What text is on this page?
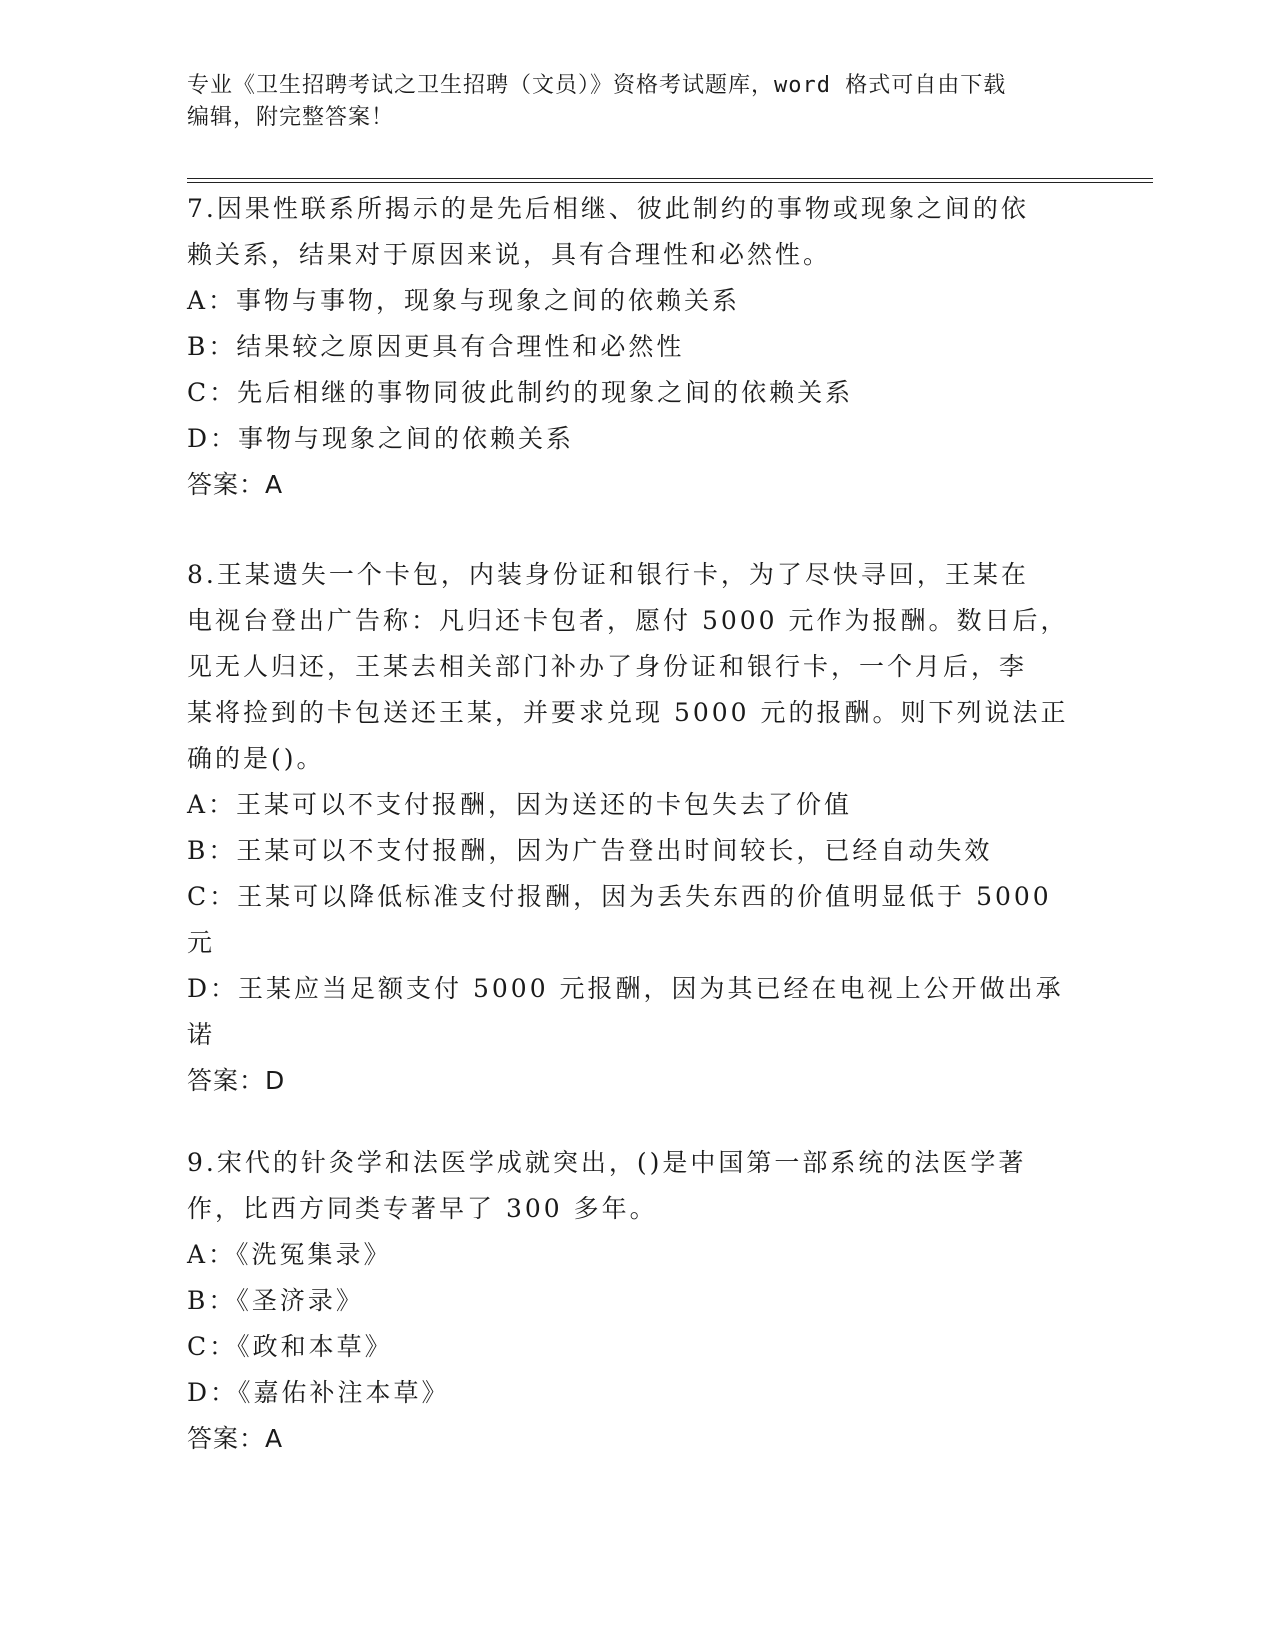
专业《卫生招聘考试之卫生招聘（文员）》资格考试题库，word 格式可自由下载
编辑，附完整答案！
7.因果性联系所揭示的是先后相继、彼此制约的事物或现象之间的依
赖关系，结果对于原因来说，具有合理性和必然性。
A：事物与事物，现象与现象之间的依赖关系
B：结果较之原因更具有合理性和必然性
C：先后相继的事物同彼此制约的现象之间的依赖关系
D：事物与现象之间的依赖关系
答案：A
8.王某遗失一个卡包，内装身份证和银行卡，为了尽快寻回，王某在
电视台登出广告称：凡归还卡包者，愿付 5000 元作为报酬。数日后，
见无人归还，王某去相关部门补办了身份证和银行卡，一个月后，李
某将捡到的卡包送还王某，并要求兑现 5000 元的报酬。则下列说法正
确的是()。
A：王某可以不支付报酬，因为送还的卡包失去了价值
B：王某可以不支付报酬，因为广告登出时间较长，已经自动失效
C：王某可以降低标准支付报酬，因为丢失东西的价值明显低于 5000
元
D：王某应当足额支付 5000 元报酬，因为其已经在电视上公开做出承
诺
答案：D
9.宋代的针灸学和法医学成就突出，()是中国第一部系统的法医学著
作，比西方同类专著早了 300 多年。
A：《洗冤集录》
B：《圣济录》
C：《政和本草》
D：《嘉佑补注本草》
答案：A
